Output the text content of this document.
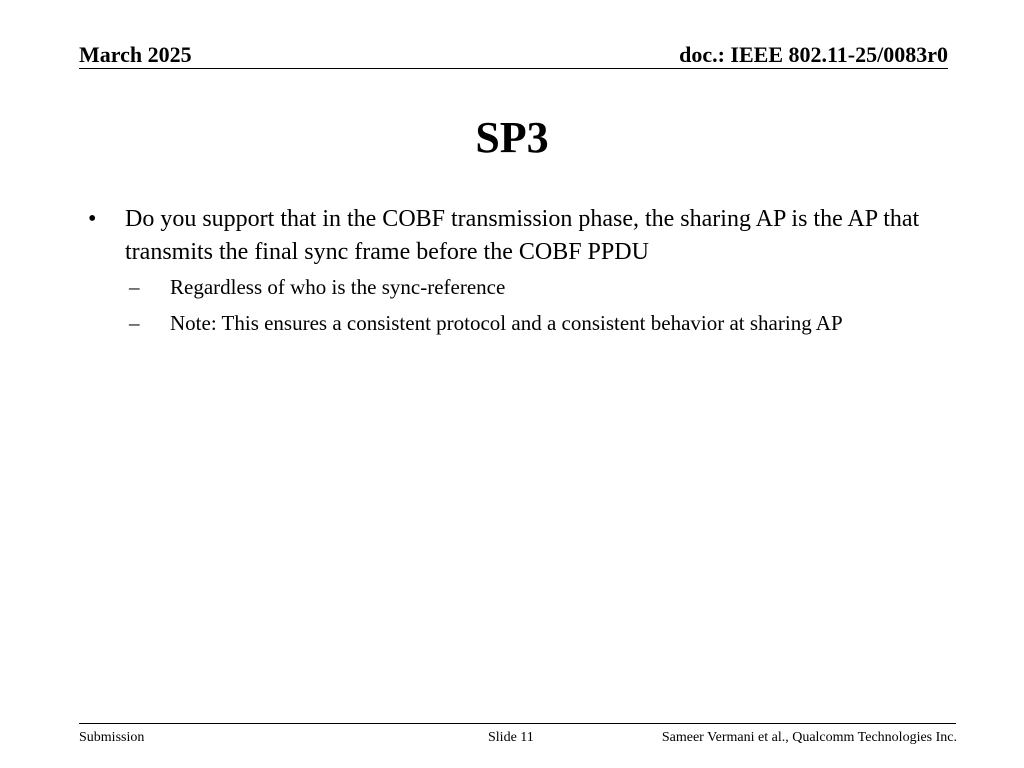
March 2025	doc.: IEEE 802.11-25/0083r0
SP3
• Do you support that in the COBF transmission phase, the sharing AP is the AP that transmits the final sync frame before the COBF PPDU
– Regardless of who is the sync-reference
– Note: This ensures a consistent protocol and a consistent behavior at sharing AP
Submission	Slide 11	Sameer Vermani et al., Qualcomm Technologies Inc.
